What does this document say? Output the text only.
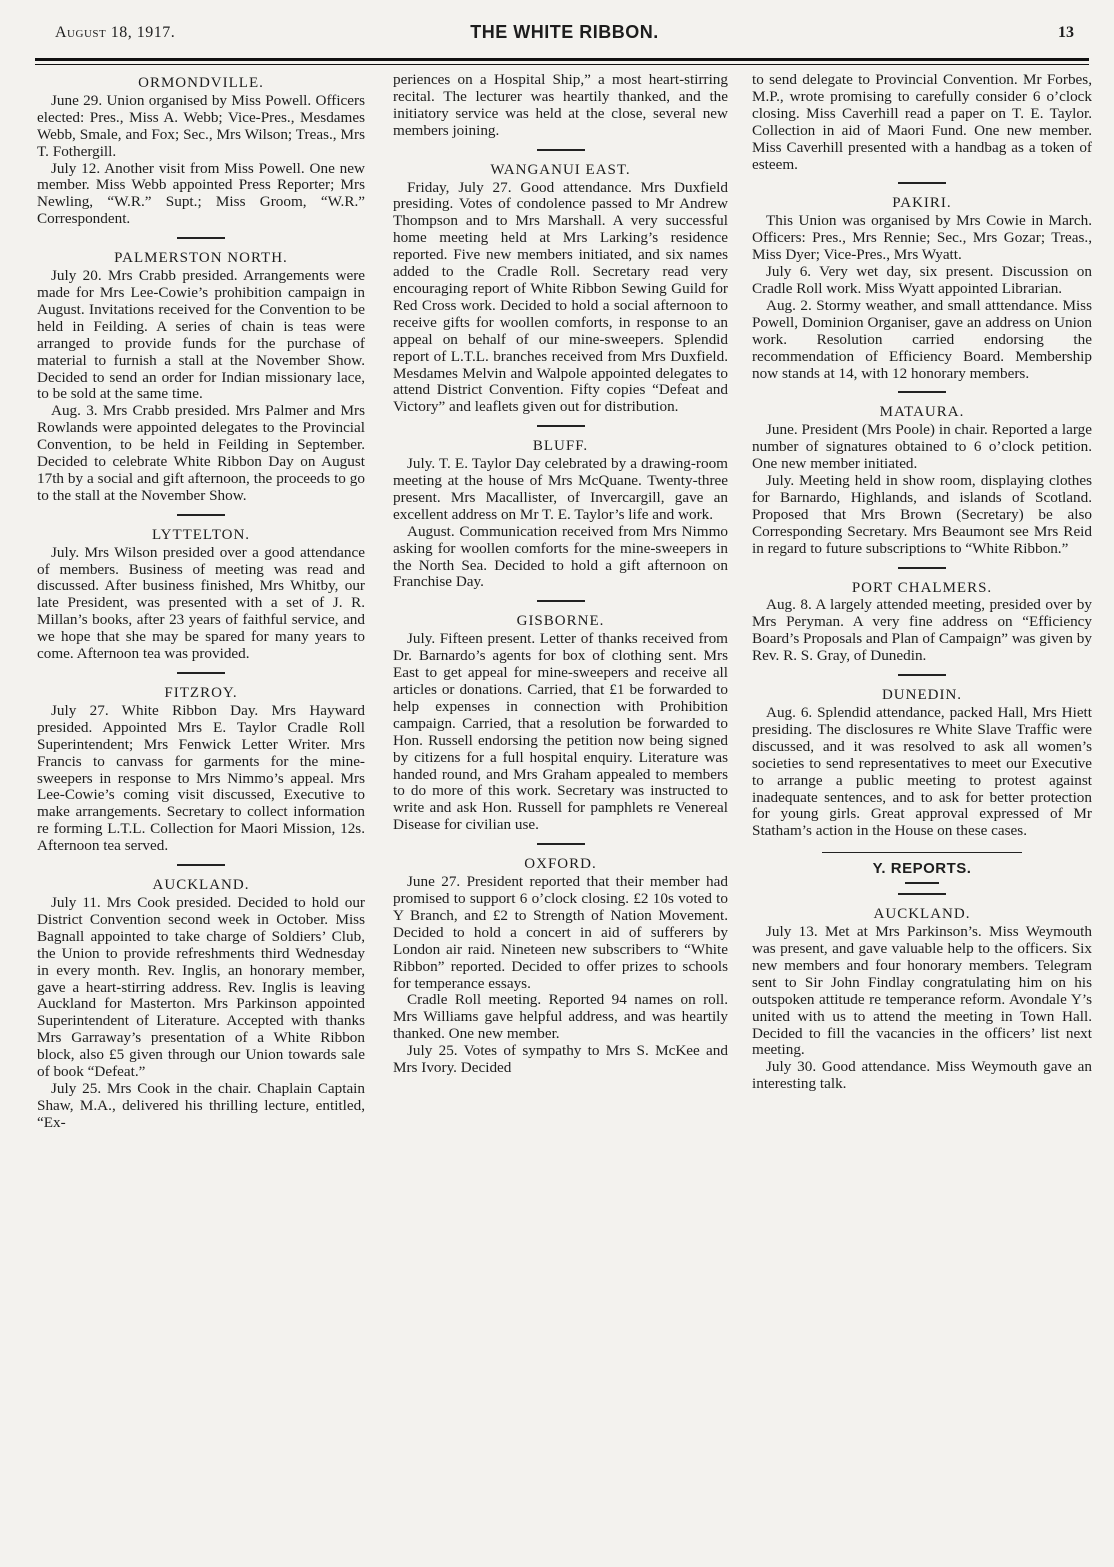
August 18, 1917.	THE WHITE RIBBON.	13
ORMONDVILLE.

June 29. Union organised by Miss Powell. Officers elected: Pres., Miss A. Webb; Vice-Pres., Mesdames Webb, Smale, and Fox; Sec., Mrs Wilson; Treas., Mrs T. Fothergill.

July 12. Another visit from Miss Powell. One new member. Miss Webb appointed Press Reporter; Mrs Newling, “W.R.” Supt.; Miss Groom, “W.R.” Correspondent.

PALMERSTON NORTH.

July 20. Mrs Crabb presided. Arrangements were made for Mrs Lee-Cowie’s prohibition campaign in August. Invitations received for the Convention to be held in Feilding. A series of chain is teas were arranged to provide funds for the purchase of material to furnish a stall at the November Show. Decided to send an order for Indian missionary lace, to be sold at the same time.

Aug. 3. Mrs Crabb presided. Mrs Palmer and Mrs Rowlands were appointed delegates to the Provincial Convention, to be held in Feilding in September. Decided to celebrate White Ribbon Day on August 17th by a social and gift afternoon, the proceeds to go to the stall at the November Show.

LYTTELTON.

July. Mrs Wilson presided over a good attendance of members. Business of meeting was read and discussed. After business finished, Mrs Whitby, our late President, was presented with a set of J. R. Millan’s books, after 23 years of faithful service, and we hope that she may be spared for many years to come. Afternoon tea was provided.

FITZROY.

July 27. White Ribbon Day. Mrs Hayward presided. Appointed Mrs E. Taylor Cradle Roll Superintendent; Mrs Fenwick Letter Writer. Mrs Francis to canvass for garments for the mine-sweepers in response to Mrs Nimmo’s appeal. Mrs Lee-Cowie’s coming visit discussed, Executive to make arrangements. Secretary to collect information re forming L.T.L. Collection for Maori Mission, 12s. Afternoon tea served.

AUCKLAND.

July 11. Mrs Cook presided. Decided to hold our District Convention second week in October. Miss Bagnall appointed to take charge of Soldiers’ Club, the Union to provide refreshments third Wednesday in every month. Rev. Inglis, an honorary member, gave a heart-stirring address. Rev. Inglis is leaving Auckland for Masterton. Mrs Parkinson appointed Superintendent of Literature. Accepted with thanks Mrs Garraway’s presentation of a White Ribbon block, also £5 given through our Union towards sale of book “Defeat.”

July 25. Mrs Cook in the chair. Chaplain Captain Shaw, M.A., delivered his thrilling lecture, entitled, “Ex-

periences on a Hospital Ship,” a most heart-stirring recital. The lecturer was heartily thanked, and the initiatory service was held at the close, several new members joining.

WANGANUI EAST.

Friday, July 27. Good attendance. Mrs Duxfield presiding. Votes of condolence passed to Mr Andrew Thompson and to Mrs Marshall. A very successful home meeting held at Mrs Larking’s residence reported. Five new members initiated, and six names added to the Cradle Roll. Secretary read very encouraging report of White Ribbon Sewing Guild for Red Cross work. Decided to hold a social afternoon to receive gifts for woollen comforts, in response to an appeal on behalf of our mine-sweepers. Splendid report of L.T.L. branches received from Mrs Duxfield. Mesdames Melvin and Walpole appointed delegates to attend District Convention. Fifty copies “Defeat and Victory” and leaflets given out for distribution.

BLUFF.

July. T. E. Taylor Day celebrated by a drawing-room meeting at the house of Mrs McQuane. Twenty-three present. Mrs Macallister, of Invercargill, gave an excellent address on Mr T. E. Taylor’s life and work.

August. Communication received from Mrs Nimmo asking for woollen comforts for the mine-sweepers in the North Sea. Decided to hold a gift afternoon on Franchise Day.

GISBORNE.

July. Fifteen present. Letter of thanks received from Dr. Barnardo’s agents for box of clothing sent. Mrs East to get appeal for mine-sweepers and receive all articles or donations. Carried, that £1 be forwarded to help expenses in connection with Prohibition campaign. Carried, that a resolution be forwarded to Hon. Russell endorsing the petition now being signed by citizens for a full hospital enquiry. Literature was handed round, and Mrs Graham appealed to members to do more of this work. Secretary was instructed to write and ask Hon. Russell for pamphlets re Venereal Disease for civilian use.

OXFORD.

June 27. President reported that their member had promised to support 6 o’clock closing. £2 10s voted to Y Branch, and £2 to Strength of Nation Movement. Decided to hold a concert in aid of sufferers by London air raid. Nineteen new subscribers to “White Ribbon” reported. Decided to offer prizes to schools for temperance essays.

Cradle Roll meeting. Reported 94 names on roll. Mrs Williams gave helpful address, and was heartily thanked. One new member.

July 25. Votes of sympathy to Mrs S. McKee and Mrs Ivory. Decided

to send delegate to Provincial Convention. Mr Forbes, M.P., wrote promising to carefully consider 6 o’clock closing. Miss Caverhill read a paper on T. E. Taylor. Collection in aid of Maori Fund. One new member. Miss Caverhill presented with a handbag as a token of esteem.

PAKIRI.

This Union was organised by Mrs Cowie in March. Officers: Pres., Mrs Rennie; Sec., Mrs Gozar; Treas., Miss Dyer; Vice-Pres., Mrs Wyatt.

July 6. Very wet day, six present. Discussion on Cradle Roll work. Miss Wyatt appointed Librarian.

Aug. 2. Stormy weather, and small atttendance. Miss Powell, Dominion Organiser, gave an address on Union work. Resolution carried endorsing the recommendation of Efficiency Board. Membership now stands at 14, with 12 honorary members.

MATAURA.

June. President (Mrs Poole) in chair. Reported a large number of signatures obtained to 6 o’clock petition. One new member initiated.

July. Meeting held in show room, displaying clothes for Barnardo, Highlands, and islands of Scotland. Proposed that Mrs Brown (Secretary) be also Corresponding Secretary. Mrs Beaumont see Mrs Reid in regard to future subscriptions to “White Ribbon.”

PORT CHALMERS.

Aug. 8. A largely attended meeting, presided over by Mrs Peryman. A very fine address on “Efficiency Board’s Proposals and Plan of Campaign” was given by Rev. R. S. Gray, of Dunedin.

DUNEDIN.

Aug. 6. Splendid attendance, packed Hall, Mrs Hiett presiding. The disclosures re White Slave Traffic were discussed, and it was resolved to ask all women’s societies to send representatives to meet our Executive to arrange a public meeting to protest against inadequate sentences, and to ask for better protection for young girls. Great approval expressed of Mr Statham’s action in the House on these cases.

Y. REPORTS.
AUCKLAND.

July 13. Met at Mrs Parkinson’s. Miss Weymouth was present, and gave valuable help to the officers. Six new members and four honorary members. Telegram sent to Sir John Findlay congratulating him on his outspoken attitude re temperance reform. Avondale Y’s united with us to attend the meeting in Town Hall. Decided to fill the vacancies in the officers’ list next meeting.

July 30. Good attendance. Miss Weymouth gave an interesting talk.
